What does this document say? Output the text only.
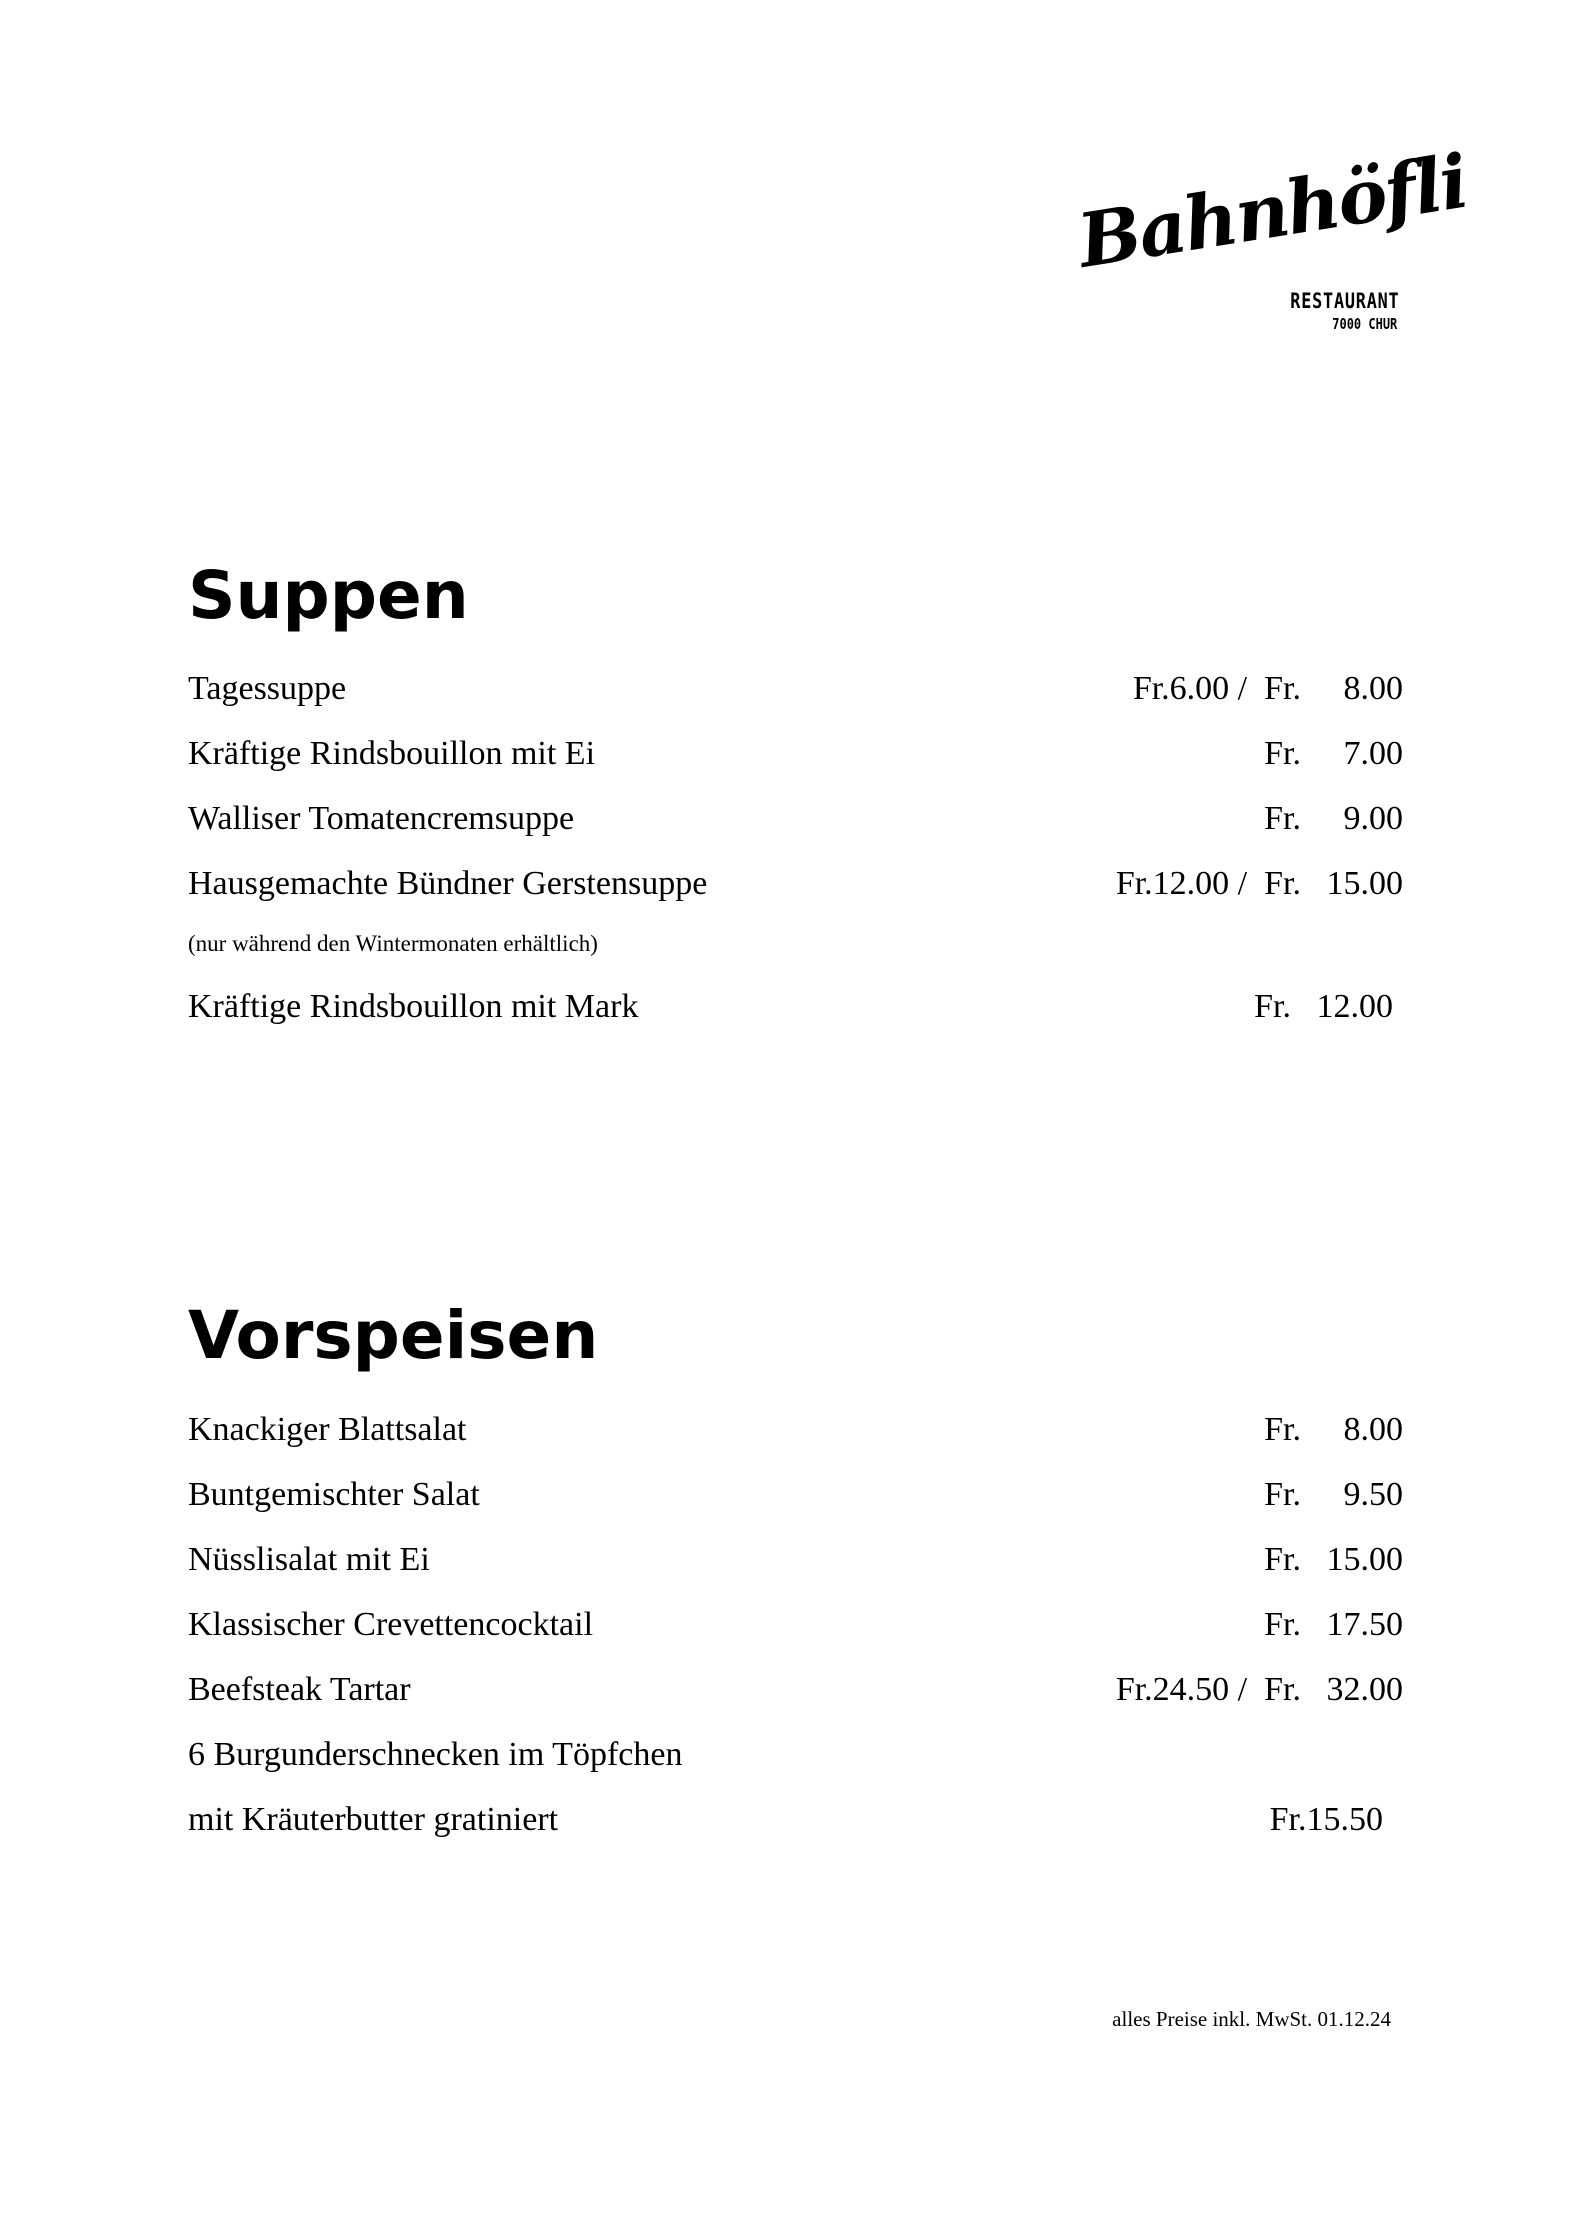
Bahnhöfli
RESTAURANT
7000 CHUR
Suppen
Tagessuppe	Fr.6.00 /  Fr.     8.00
Kräftige Rindsbouillon mit Ei	Fr.     7.00
Walliser Tomatencremsuppe	Fr.     9.00
Hausgemachte Bündner Gerstensuppe	Fr.12.00 /  Fr.   15.00
(nur während den Wintermonaten erhältlich)
Kräftige Rindsbouillon mit Mark	Fr.   12.00
Vorspeisen
Knackiger Blattsalat	Fr.     8.00
Buntgemischter Salat	Fr.     9.50
Nüsslisalat mit Ei	Fr.   15.00
Klassischer Crevettencocktail	Fr.   17.50
Beefsteak Tartar	Fr.24.50 /  Fr.   32.00
6 Burgunderschnecken im Töpfchen
mit Kräuterbutter gratiniert	Fr.15.50
alles Preise inkl. MwSt. 01.12.24
